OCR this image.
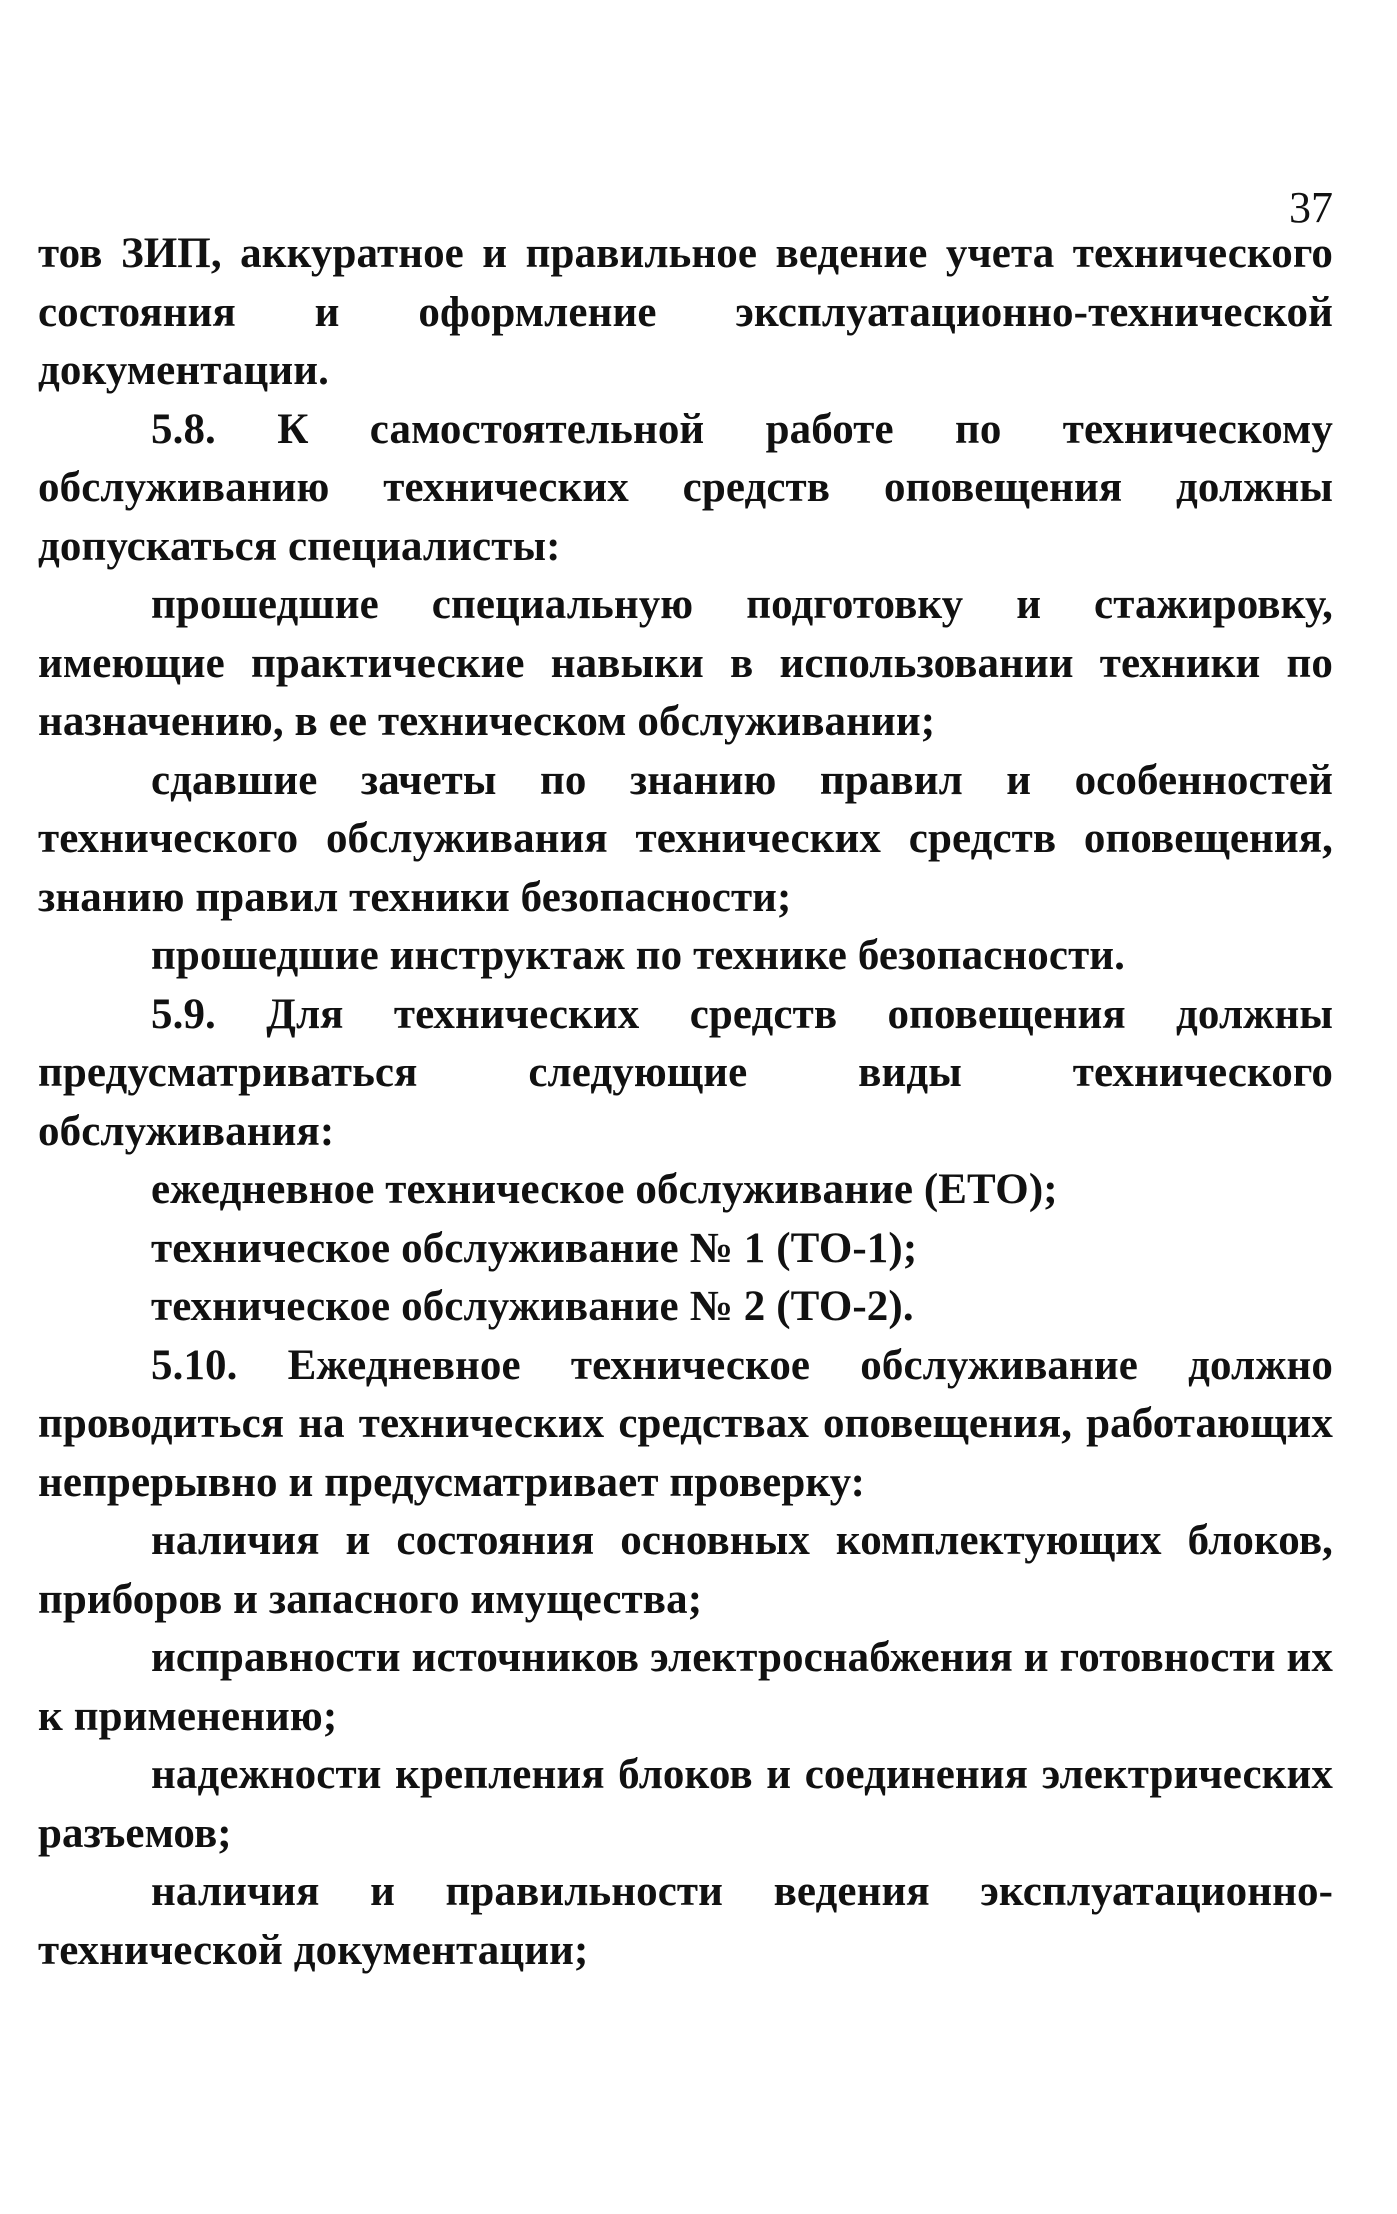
37

тов ЗИП, аккуратное и правильное ведение учета технического состояния и оформление эксплуатационно-технической документации.

5.8. К самостоятельной работе по техническому обслуживанию технических средств оповещения должны допускаться специалисты:

прошедшие специальную подготовку и стажировку, имеющие практические навыки в использовании техники по назначению, в ее техническом обслуживании;

сдавшие зачеты по знанию правил и особенностей технического обслуживания технических средств оповещения, знанию правил техники безопасности;

прошедшие инструктаж по технике безопасности.

5.9. Для технических средств оповещения должны предусматриваться следующие виды технического обслуживания:

ежедневное техническое обслуживание (ЕТО);

техническое обслуживание № 1 (ТО-1);

техническое обслуживание № 2 (ТО-2).

5.10. Ежедневное техническое обслуживание должно проводиться на технических средствах оповещения, работающих непрерывно и предусматривает проверку:

наличия и состояния основных комплектующих блоков, приборов и запасного имущества;

исправности источников электроснабжения и готовности их к применению;

надежности крепления блоков и соединения электрических разъемов;

наличия и правильности ведения эксплуатационно-технической документации;
